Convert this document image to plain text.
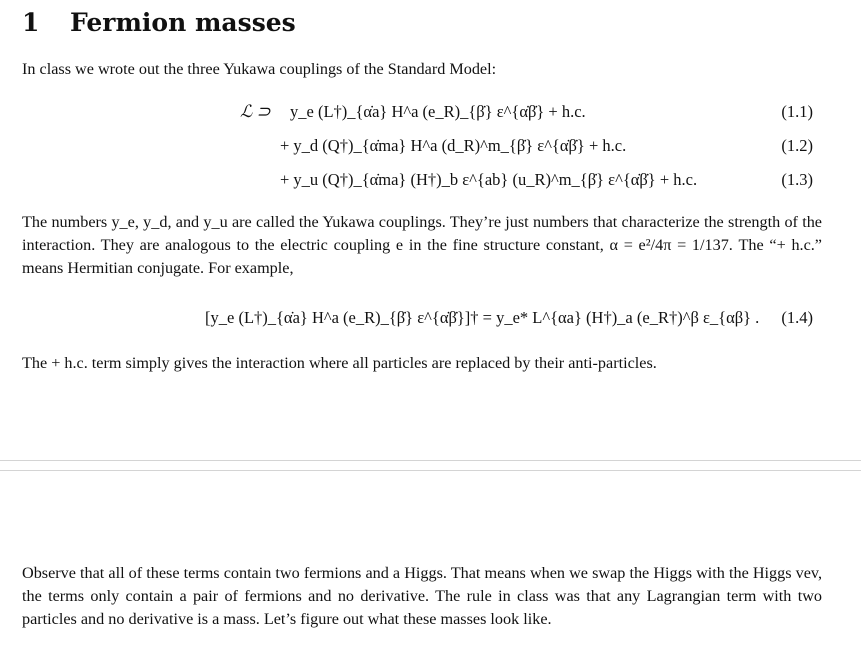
1 Fermion masses
In class we wrote out the three Yukawa couplings of the Standard Model:
ℒ ⊃ y_e (L†)_{α̇a} H^a (e_R)_{β̇} ε^{α̇β̇} + h.c.	(1.1)
+ y_d (Q†)_{α̇ma} H^a (d_R)^m_{β̇} ε^{α̇β̇} + h.c.	(1.2)
+ y_u (Q†)_{α̇ma} (H†)_b ε^{ab} (u_R)^m_{β̇} ε^{α̇β̇} + h.c.	(1.3)
The numbers y_e, y_d, and y_u are called the Yukawa couplings. They’re just numbers that characterize the strength of the interaction. They are analogous to the electric coupling e in the fine structure constant, α = e²/4π = 1/137. The “+ h.c.” means Hermitian conjugate. For example,
[y_e (L†)_{α̇a} H^a (e_R)_{β̇} ε^{α̇β̇}]† = y_e* L^{αa} (H†)_a (e_R†)^β ε_{αβ} . (1.4)
The + h.c. term simply gives the interaction where all particles are replaced by their anti-particles.
Observe that all of these terms contain two fermions and a Higgs. That means when we swap the Higgs with the Higgs vev, the terms only contain a pair of fermions and no derivative. The rule in class was that any Lagrangian term with two particles and no derivative is a mass. Let’s figure out what these masses look like.
